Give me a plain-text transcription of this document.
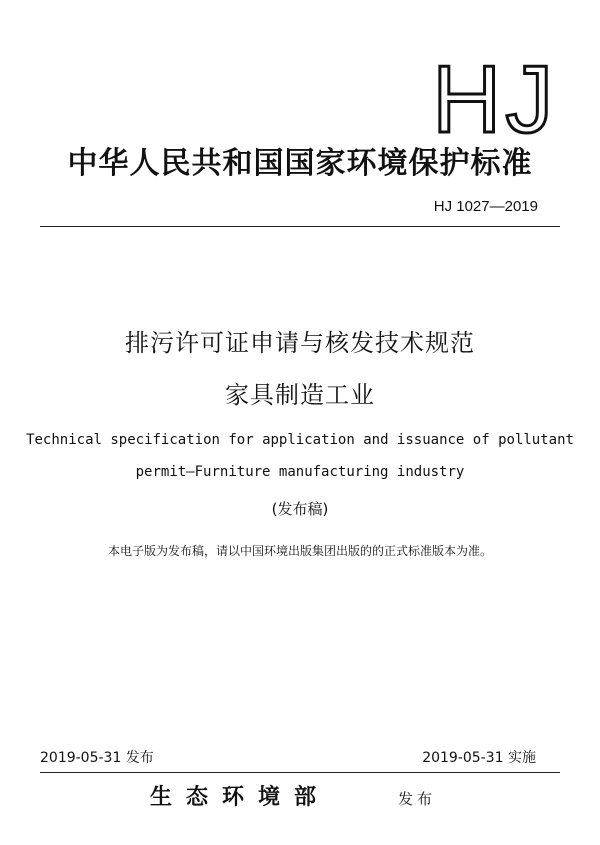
HJ
中华人民共和国国家环境保护标准
HJ 1027—2019
排污许可证申请与核发技术规范
家具制造工业
Technical specification for application and issuance of pollutant
permit—Furniture manufacturing industry
(发布稿)
本电子版为发布稿，请以中国环境出版集团出版的的正式标准版本为准。
2019-05-31 发布	2019-05-31 实施
生态环境部	发布
